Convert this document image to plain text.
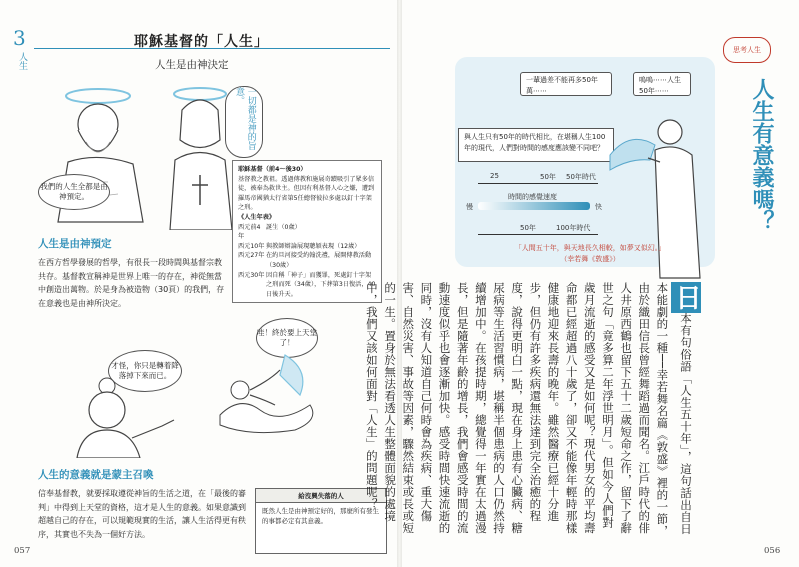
3
人生
耶穌基督的「人生」
人生是由神決定
一切都是神的旨意。
我們的人生全都是由神預定。
耶穌基督（前4～後30）
基督教之教祖。透過傳教和施展奇蹟吸引了眾多信徒，被奉為救世主。但因有利基督人心之嫌，遭到羅馬帝國猶太行省第5任總督彼拉多處以釘十字架之刑。
《人生年表》
西元前4年
誕生（0歲）
西元10年 與教師辯論展現聰穎表現（12歲）
西元27年 在約旦河接受約翰洗禮，展開傳教活動（30歲）
西元30年 因自稱「神子」而獲罪，死處釘十字架之刑而死（34歲），下葬第3日復活，40日後升天。
人生是由神預定
在西方哲學發展的哲學，有很長一段時間與基督宗教共存。基督教宣稱神是世界上唯一的存在，神從無當中創造出萬物。於是身為被造物（30頁）的我們，存在意義也是由神所決定。
哇！終於要上天堂了！
才怪，你只是轉着降落掉下來而已。
人生的意義就是蒙主召喚
信奉基督教，就要採取遵從神旨的生活之道，在「最後的審判」中得到上天堂的資格，這才是人生的意義。如果意識到超越自己的存在，可以規範現實的生活，讓人生活得更有秩序，其實也不失為一個好方法。
給沒興失落的人
既然人生是由神預定好的，那麼所有發生的事都必定有其意義。
057
思考人生
人生有意義嗎？
一輩過差不能再多50年萬⋯⋯
嗚嗚⋯⋯人生50年⋯⋯
與人生只有50年的時代相比，在堪稱人生100年的現代，人們對時間的感度應該變不同吧？
25	50年 50年時代
慢	快
時間的感覺速度
50年	100年時代
「人間五十年，與天地長久相較，如夢又似幻。」
（幸若舞《敦盛》）
日本有句俗語「人生五十年」，這句話出自日本能劇的一種──幸若舞名篇《敦盛》裡的一節，由於織田信長曾經舞蹈過而聞名。江戶時代的俳人井原西鶴也留下五十二歲短命之作，留下了辭世之句「竟多算二年浮世明月」。但如今人們對歲月流逝的感受又是如何呢？現代男女的平均壽命都已經超過八十歲了，卻又不能像年輕時那樣健康地迎來長壽的晚年。雖然醫療已經十分進步，但仍有許多疾病還無法達到完全治癒的程度，說得更明白一點，現在身上患有心臟病、糖尿病等生活習慣病，堪稱半個患病的人口仍然持續增加中。在孩提時期，總覺得一年實在太過漫長，但是隨著年齡的增長，我們會感受時間的流動速度似乎也會逐漸加快。感受時間快速流逝的同時，沒有人知道自己何時會為疾病、重大傷害、自然災害、事故等因素，驟然結束或長或短的一生。置身於無法看透人生整體面貌的處境中，我們又該如何面對「人生」的問題呢？
056
